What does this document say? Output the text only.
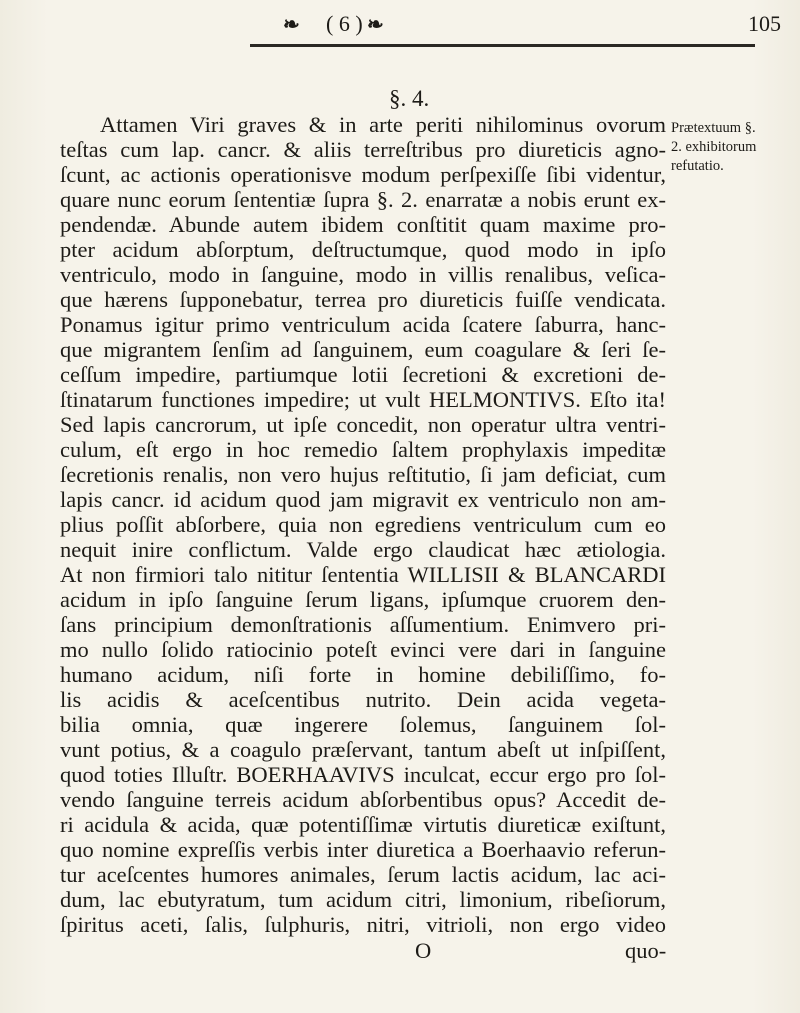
❧ ( 6 ) ❧	105
§. 4.
Prætextuum §.
2. exhibitorum
refutatio.
Attamen Viri graves & in arte periti nihilominus ovorum
teſtas cum lap. cancr. & aliis terreſtribus pro diureticis agno-
ſcunt, ac actionis operationisve modum perſpexiſſe ſibi videntur,
quare nunc eorum ſententiæ ſupra §. 2. enarratæ a nobis erunt ex-
pendendæ. Abunde autem ibidem conſtitit quam maxime pro-
pter acidum abſorptum, deſtructumque, quod modo in ipſo
ventriculo, modo in ſanguine, modo in villis renalibus, veſica-
que hærens ſupponebatur, terrea pro diureticis fuiſſe vendicata.
Ponamus igitur primo ventriculum acida ſcatere ſaburra, hanc-
que migrantem ſenſim ad ſanguinem, eum coagulare & ſeri ſe-
ceſſum impedire, partiumque lotii ſecretioni & excretioni de-
ſtinatarum functiones impedire; ut vult HELMONTIVS. Eſto ita!
Sed lapis cancrorum, ut ipſe concedit, non operatur ultra ventri-
culum, eſt ergo in hoc remedio ſaltem prophylaxis impeditæ
ſecretionis renalis, non vero hujus reſtitutio, ſi jam deficiat, cum
lapis cancr. id acidum quod jam migravit ex ventriculo non am-
plius poſſit abſorbere, quia non egrediens ventriculum cum eo
nequit inire conflictum. Valde ergo claudicat hæc ætiologia.
At non firmiori talo nititur ſententia WILLISII & BLANCARDI
acidum in ipſo ſanguine ſerum ligans, ipſumque cruorem den-
ſans principium demonſtrationis aſſumentium. Enimvero pri-
mo nullo ſolido ratiocinio poteſt evinci vere dari in ſanguine
humano acidum, niſi forte in homine debiliſſimo, fo-
lis acidis & aceſcentibus nutrito. Dein acida vegeta-
bilia omnia, quæ ingerere ſolemus, ſanguinem ſol-
vunt potius, & a coagulo præſervant, tantum abeſt ut inſpiſſent,
quod toties Illuſtr. BOERHAAVIVS inculcat, eccur ergo pro ſol-
vendo ſanguine terreis acidum abſorbentibus opus? Accedit de-
ri acidula & acida, quæ potentiſſimæ virtutis diureticæ exiſtunt,
quo nomine expreſſis verbis inter diuretica a Boerhaavio referun-
tur aceſcentes humores animales, ſerum lactis acidum, lac aci-
dum, lac ebutyratum, tum acidum citri, limonium, ribeſiorum,
ſpiritus aceti, ſalis, ſulphuris, nitri, vitrioli, non ergo video
O	quo-
